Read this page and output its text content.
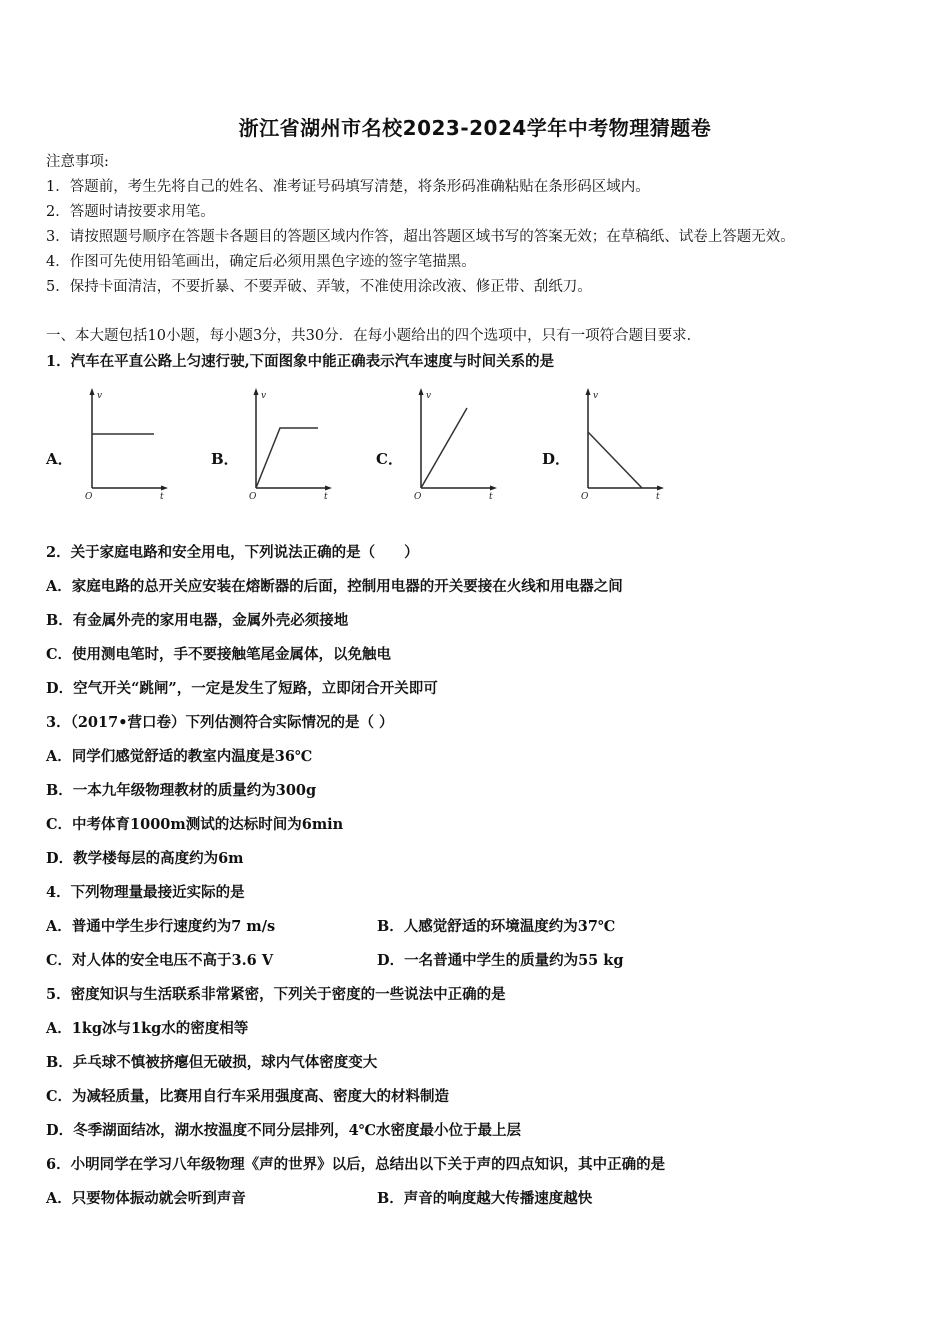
浙江省湖州市名校2023-2024学年中考物理猜题卷
注意事项:
1．答题前，考生先将自己的姓名、准考证号码填写清楚，将条形码准确粘贴在条形码区域内。
2．答题时请按要求用笔。
3．请按照题号顺序在答题卡各题目的答题区域内作答，超出答题区域书写的答案无效；在草稿纸、试卷上答题无效。
4．作图可先使用铅笔画出，确定后必须用黑色字迹的签字笔描黑。
5．保持卡面清洁，不要折暴、不要弄破、弄皱，不准使用涂改液、修正带、刮纸刀。
一、本大题包括10小题，每小题3分，共30分．在每小题给出的四个选项中，只有一项符合题目要求．
1．汽车在平直公路上匀速行驶,下面图象中能正确表示汽车速度与时间关系的是
A．	B．	C．	D．
v
t
O
v
t
O
v
t
O
v
t
O
2．关于家庭电路和安全用电，下列说法正确的是（　　）
A．家庭电路的总开关应安装在熔断器的后面，控制用电器的开关要接在火线和用电器之间
B．有金属外壳的家用电器，金属外壳必须接地
C．使用测电笔时，手不要接触笔尾金属体，以免触电
D．空气开关“跳闸”，一定是发生了短路，立即闭合开关即可
3．（2017•营口卷）下列估测符合实际情况的是（ ）
A．同学们感觉舒适的教室内温度是36℃
B．一本九年级物理教材的质量约为300g
C．中考体育1000m测试的达标时间为6min
D．教学楼每层的高度约为6m
4．下列物理量最接近实际的是
A．普通中学生步行速度约为7 m/s	B．人感觉舒适的环境温度约为37℃
C．对人体的安全电压不高于3.6 V	D．一名普通中学生的质量约为55 kg
5．密度知识与生活联系非常紧密，下列关于密度的一些说法中正确的是
A．1kg冰与1kg水的密度相等
B．乒乓球不慎被挤瘪但无破损，球内气体密度变大
C．为减轻质量，比赛用自行车采用强度高、密度大的材料制造
D．冬季湖面结冰，湖水按温度不同分层排列，4℃水密度最小位于最上层
6．小明同学在学习八年级物理《声的世界》以后，总结出以下关于声的四点知识，其中正确的是
A．只要物体振动就会听到声音	B．声音的响度越大传播速度越快
